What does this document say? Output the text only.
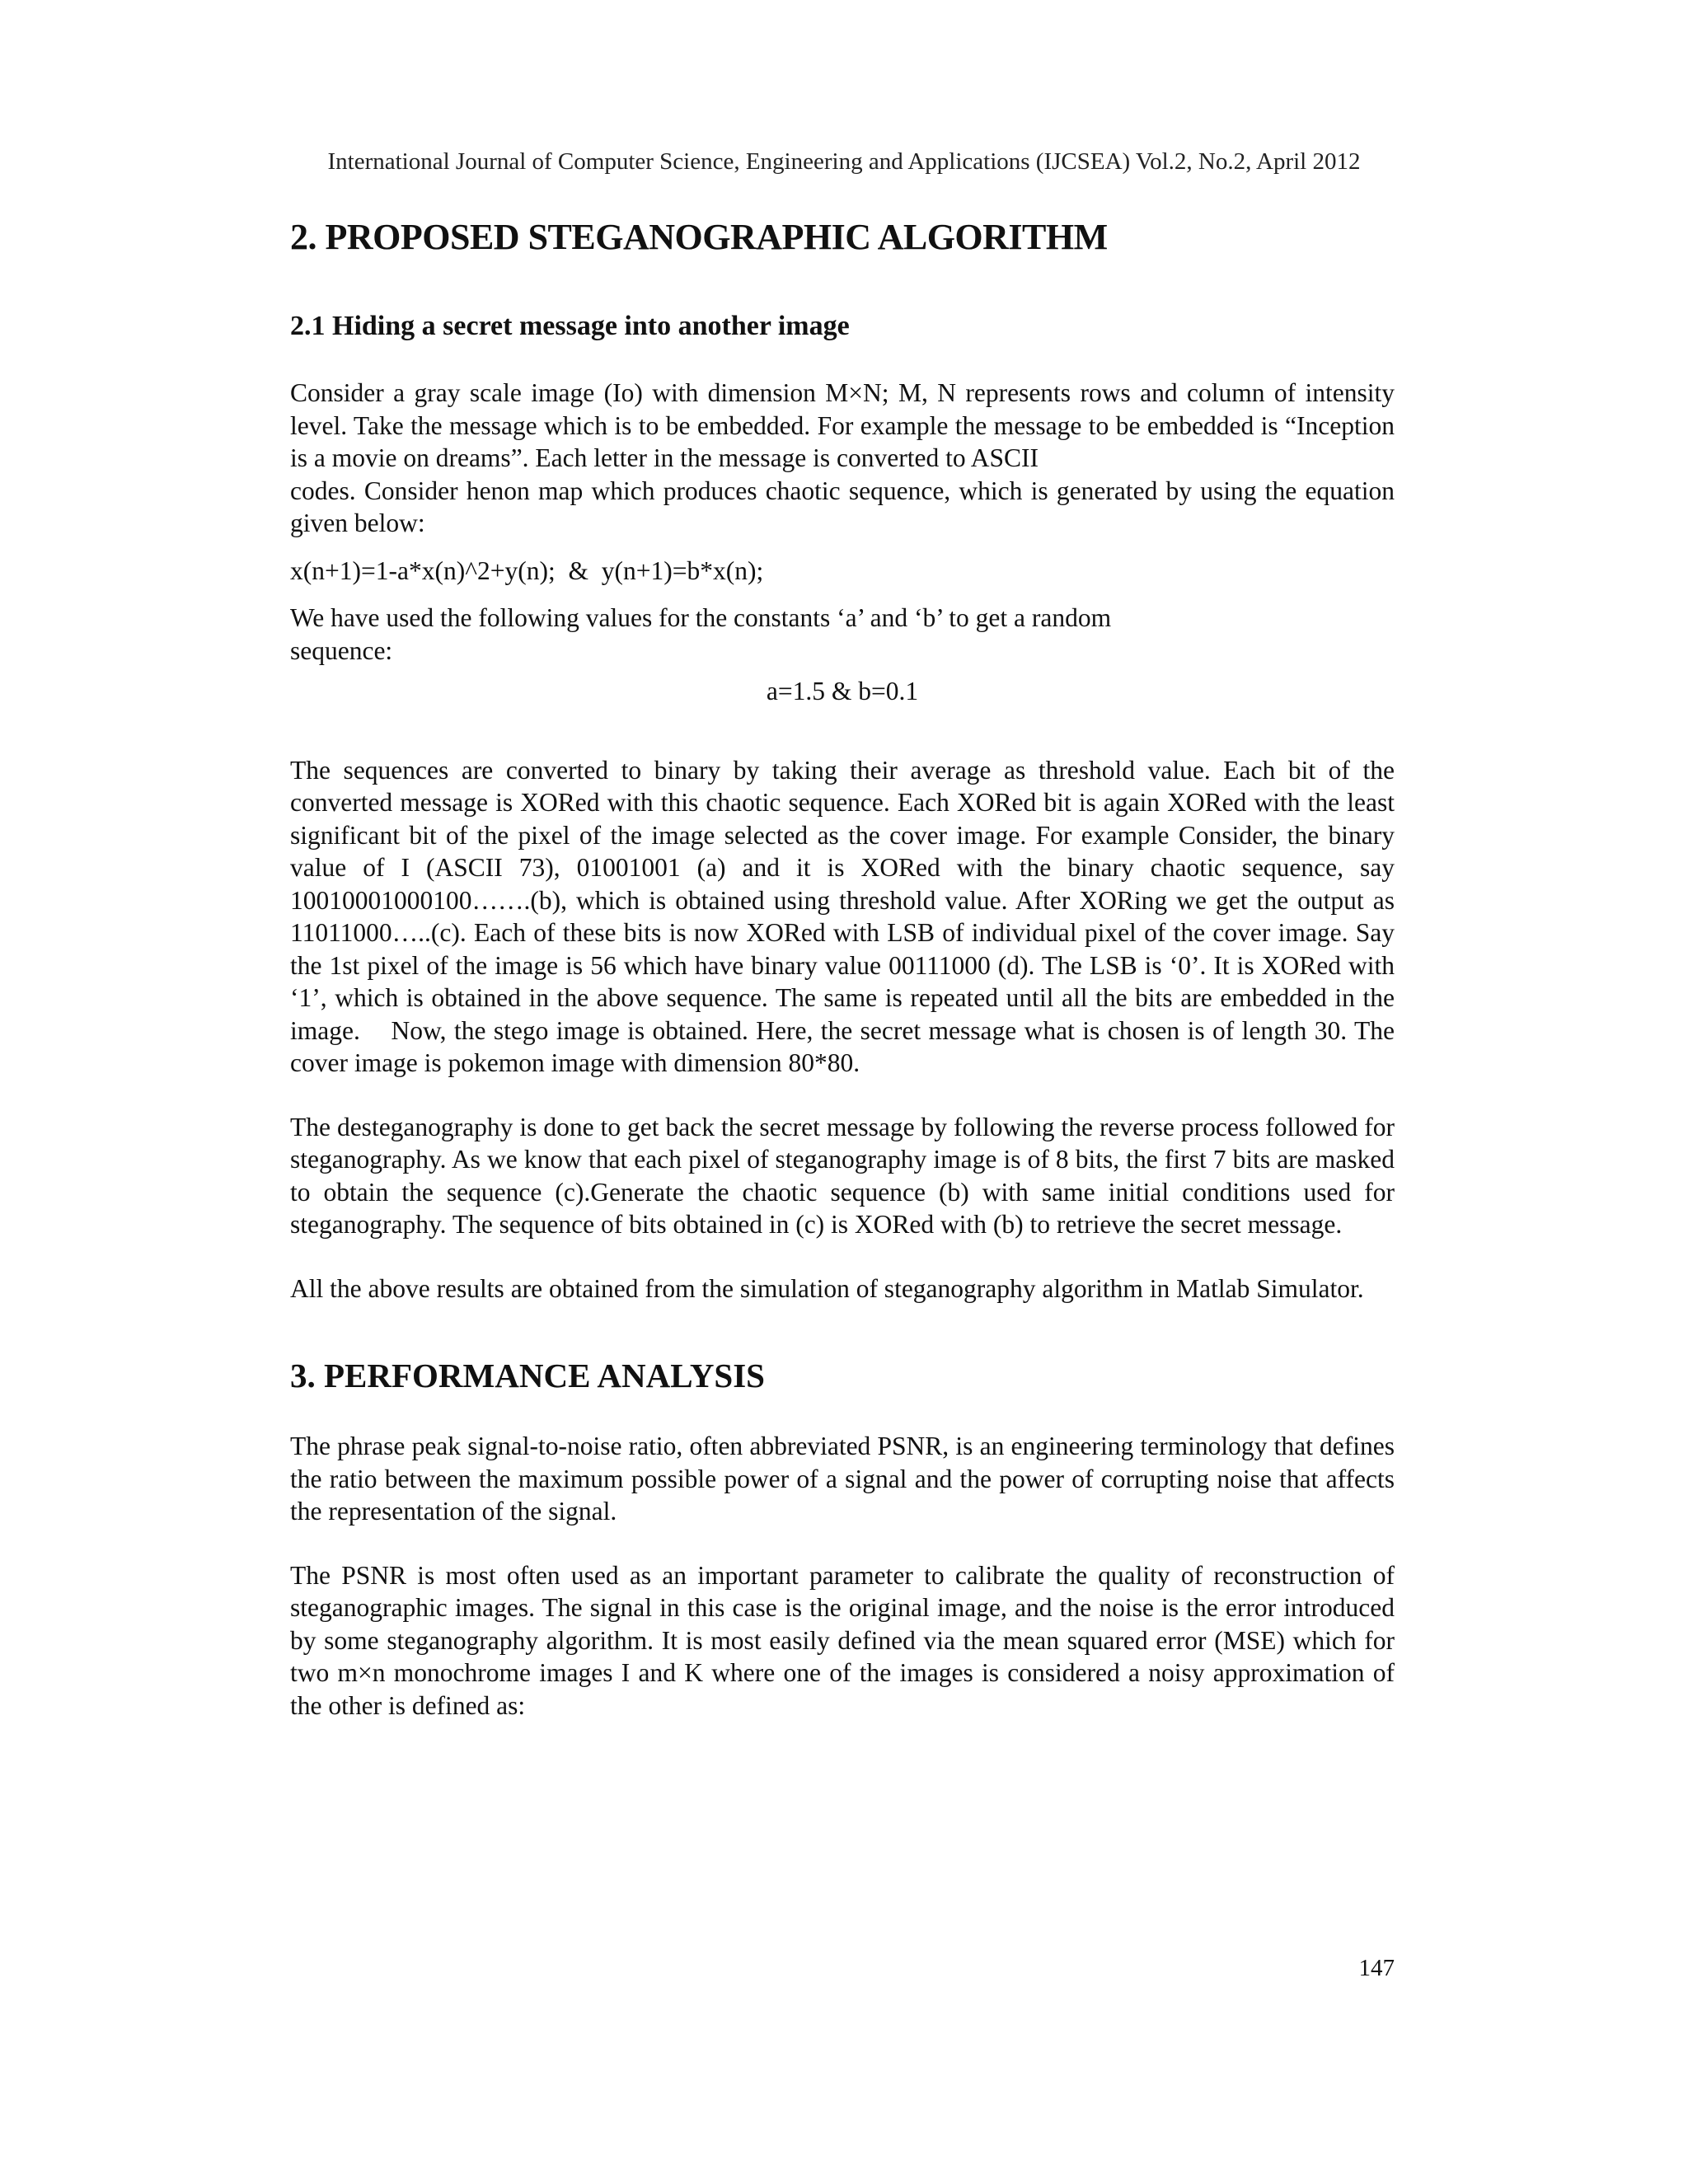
International Journal of Computer Science, Engineering and Applications (IJCSEA) Vol.2, No.2, April 2012
2. PROPOSED STEGANOGRAPHIC ALGORITHM
2.1 Hiding a secret message into another image

Consider a gray scale image (Io) with dimension M×N; M, N represents rows and column of intensity level. Take the message which is to be embedded. For example the message to be embedded is “Inception is a movie on dreams”. Each letter in the message is converted to ASCII

codes. Consider henon map which produces chaotic sequence, which is generated by using the equation given below:

x(n+1)=1-a*x(n)^2+y(n);  &  y(n+1)=b*x(n);

We have used the following values for the constants ‘a’ and ‘b’ to get a random

sequence:

a=1.5 & b=0.1

The sequences are converted to binary by taking their average as threshold value. Each bit of the converted message is XORed with this chaotic sequence. Each XORed bit is again XORed with the least significant bit of the pixel of the image selected as the cover image. For example Consider, the binary value of I (ASCII 73), 01001001 (a) and it is XORed with the binary chaotic sequence, say 10010001000100…….(b), which is obtained using threshold value. After XORing we get the output as 11011000…..(c). Each of these bits is now XORed with LSB of individual pixel of the cover image. Say the 1st pixel of the image is 56 which have binary value 00111000 (d). The LSB is ‘0’. It is XORed with ‘1’, which is obtained in the above sequence. The same is repeated until all the bits are embedded in the image.    Now, the stego image is obtained. Here, the secret message what is chosen is of length 30. The cover image is pokemon image with dimension 80*80.

The desteganography is done to get back the secret message by following the reverse process followed for steganography. As we know that each pixel of steganography image is of 8 bits, the first 7 bits are masked to obtain the sequence (c).Generate the chaotic sequence (b) with same initial conditions used for steganography. The sequence of bits obtained in (c) is XORed with (b) to retrieve the secret message.

All the above results are obtained from the simulation of steganography algorithm in Matlab Simulator.

3. PERFORMANCE ANALYSIS

The phrase peak signal-to-noise ratio, often abbreviated PSNR, is an engineering terminology that defines the ratio between the maximum possible power of a signal and the power of corrupting noise that affects the representation of the signal.

The PSNR is most often used as an important parameter to calibrate the quality of reconstruction of steganographic images. The signal in this case is the original image, and the noise is the error introduced by some steganography algorithm. It is most easily defined via the mean squared error (MSE) which for two m×n monochrome images I and K where one of the images is considered a noisy approximation of the other is defined as:

147
